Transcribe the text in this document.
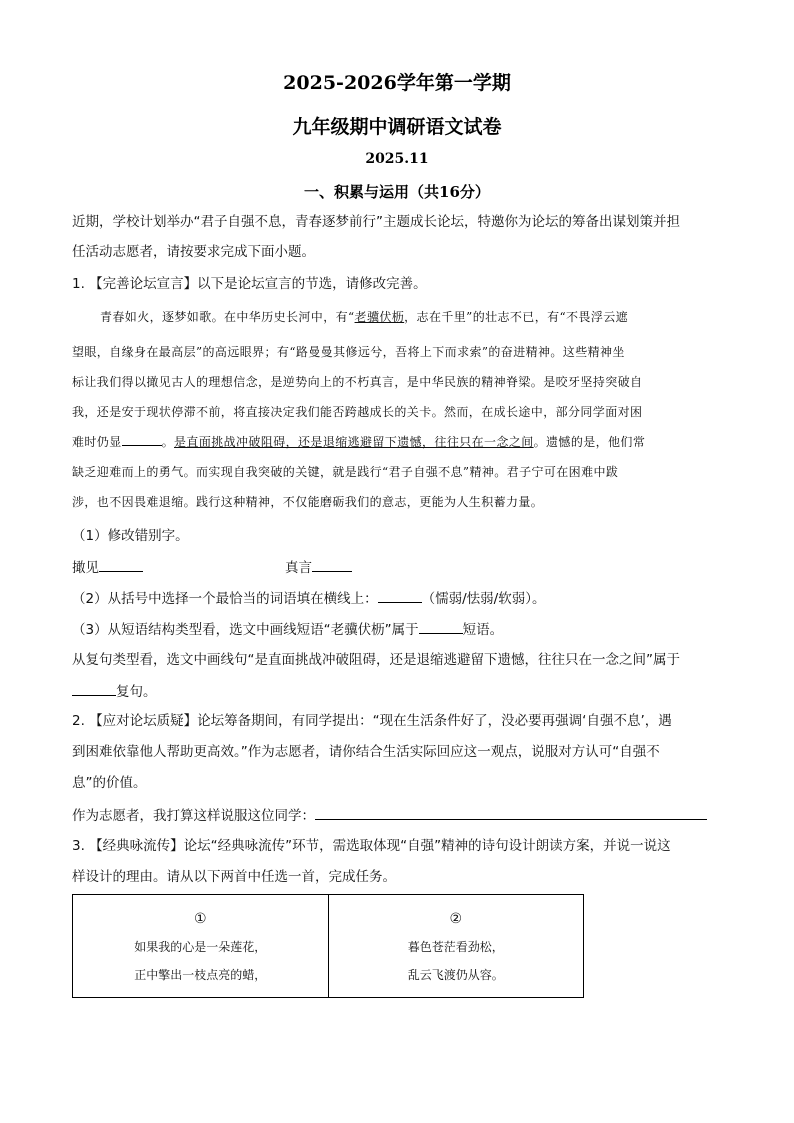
2025-2026学年第一学期
九年级期中调研语文试卷
2025.11
一、积累与运用（共16分）
近期，学校计划举办“君子自强不息，青春逐梦前行”主题成长论坛，特邀你为论坛的筹备出谋划策并担
任活动志愿者，请按要求完成下面小题。
1. 【完善论坛宣言】以下是论坛宣言的节选，请修改完善。
青春如火，逐梦如歌。在中华历史长河中，有“老骥伏枥，志在千里”的壮志不已，有“不畏浮云遮
望眼，自缘身在最高层”的高远眼界；有“路曼曼其修远兮，吾将上下而求索”的奋进精神。这些精神坐
标让我们得以撖见古人的理想信念，是逆势向上的不朽真言，是中华民族的精神脊梁。是咬牙坚持突破自
我，还是安于现状停滞不前，将直接决定我们能否跨越成长的关卡。然而，在成长途中，部分同学面对困
难时仍显	。是直面挑战冲破阻碍，还是退缩逃避留下遗憾，往往只在一念之间。遗憾的是，他们常
缺乏迎难而上的勇气。而实现自我突破的关键，就是践行“君子自强不息”精神。君子宁可在困难中跋
涉，也不因畏难退缩。践行这种精神，不仅能磨砺我们的意志，更能为人生积蓄力量。
（1）修改错别字。
撖见	真言
（2）从括号中选择一个最恰当的词语填在横线上：	（懦弱/怯弱/软弱）。
（3）从短语结构类型看，选文中画线短语“老骥伏枥”属于	短语。
从复句类型看，选文中画线句“是直面挑战冲破阻碍，还是退缩逃避留下遗憾，往往只在一念之间”属于
复句。
2. 【应对论坛质疑】论坛筹备期间，有同学提出：“现在生活条件好了，没必要再强调‘自强不息’，遇
到困难依靠他人帮助更高效。”作为志愿者，请你结合生活实际回应这一观点，说服对方认可“自强不
息”的价值。
作为志愿者，我打算这样说服这位同学：
3. 【经典咏流传】论坛“经典咏流传”环节，需选取体现“自强”精神的诗句设计朗读方案，并说一说这
样设计的理由。请从以下两首中任选一首，完成任务。
①
如果我的心是一朵莲花，
正中擎出一枝点亮的蜡，

②
暮色苍茫看劲松，
乱云飞渡仍从容。
